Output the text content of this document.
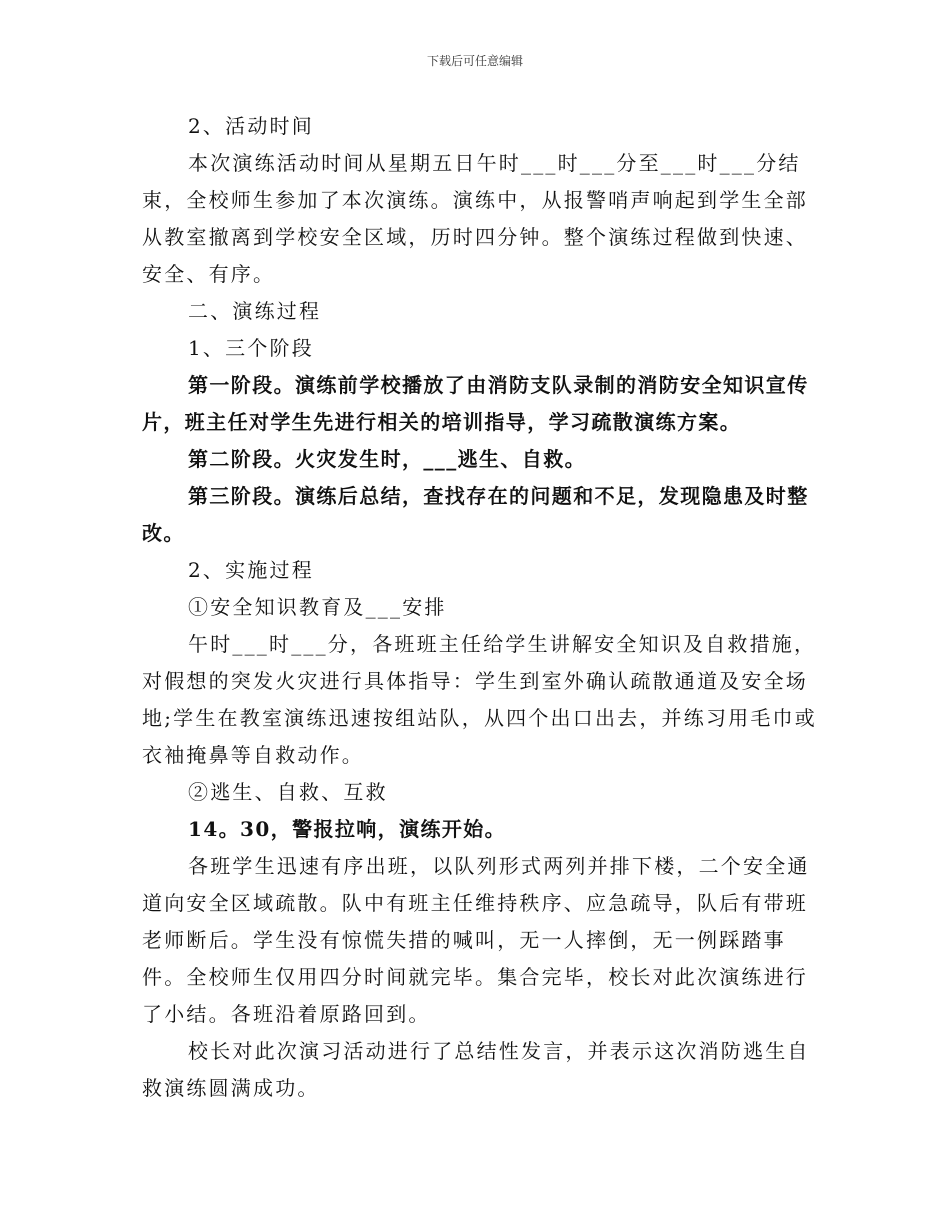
下载后可任意编辑

2、活动时间

本次演练活动时间从星期五日午时___时___分至___时___分结束，全校师生参加了本次演练。演练中，从报警哨声响起到学生全部从教室撤离到学校安全区域，历时四分钟。整个演练过程做到快速、安全、有序。

二、演练过程

1、三个阶段

第一阶段。演练前学校播放了由消防支队录制的消防安全知识宣传片，班主任对学生先进行相关的培训指导，学习疏散演练方案。

第二阶段。火灾发生时，___逃生、自救。

第三阶段。演练后总结，查找存在的问题和不足，发现隐患及时整改。

2、实施过程

①安全知识教育及___安排

午时___时___分，各班班主任给学生讲解安全知识及自救措施，对假想的突发火灾进行具体指导：学生到室外确认疏散通道及安全场地;学生在教室演练迅速按组站队，从四个出口出去，并练习用毛巾或衣袖掩鼻等自救动作。

②逃生、自救、互救

14。30，警报拉响，演练开始。

各班学生迅速有序出班，以队列形式两列并排下楼，二个安全通道向安全区域疏散。队中有班主任维持秩序、应急疏导，队后有带班老师断后。学生没有惊慌失措的喊叫，无一人摔倒，无一例踩踏事件。全校师生仅用四分时间就完毕。集合完毕，校长对此次演练进行了小结。各班沿着原路回到。

校长对此次演习活动进行了总结性发言，并表示这次消防逃生自救演练圆满成功。
